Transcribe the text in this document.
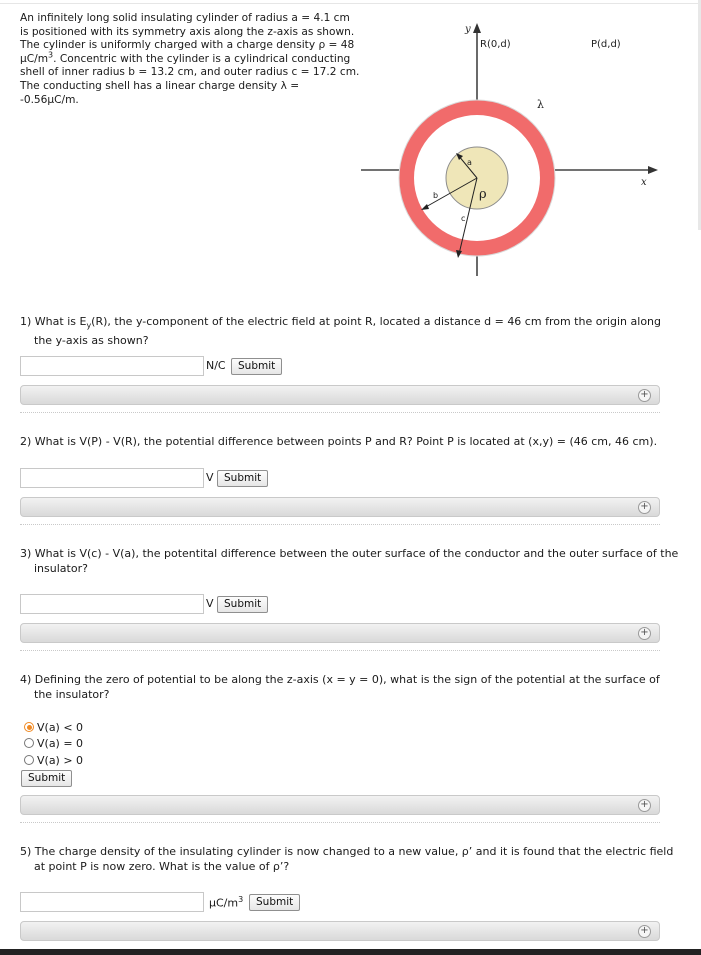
An infinitely long solid insulating cylinder of radius a = 4.1 cm
is positioned with its symmetry axis along the z-axis as shown.
The cylinder is uniformly charged with a charge density ρ = 48
$\mu C/m^3$. Concentric with the cylinder is a cylindrical conducting
shell of inner radius b = 13.2 cm, and outer radius c = 17.2 cm.
The conducting shell has a linear charge density λ =
-0.56μC/m.
y
R(0,d)	P(d,d)
λ
x
a
b
c
ρ
1) What is $E_y(R)$, the y-component of the electric field at point R, located a distance d = 46 cm from the origin along the y-axis as shown?
N/C	Submit
+
2) What is V(P) - V(R), the potential difference between points P and R? Point P is located at (x,y) = (46 cm, 46 cm).
V Submit
+
3) What is V(c) - V(a), the potentital difference between the outer surface of the conductor and the outer surface of the insulator?
V Submit
+
4) Defining the zero of potential to be along the z-axis (x = y = 0), what is the sign of the potential at the surface of the insulator?
V(a) < 0
V(a) = 0
V(a) > 0
Submit
+
5) The charge density of the insulating cylinder is now changed to a new value, ρ’ and it is found that the electric field at point P is now zero. What is the value of ρ’?
$\mu C/m^3$	Submit
+
